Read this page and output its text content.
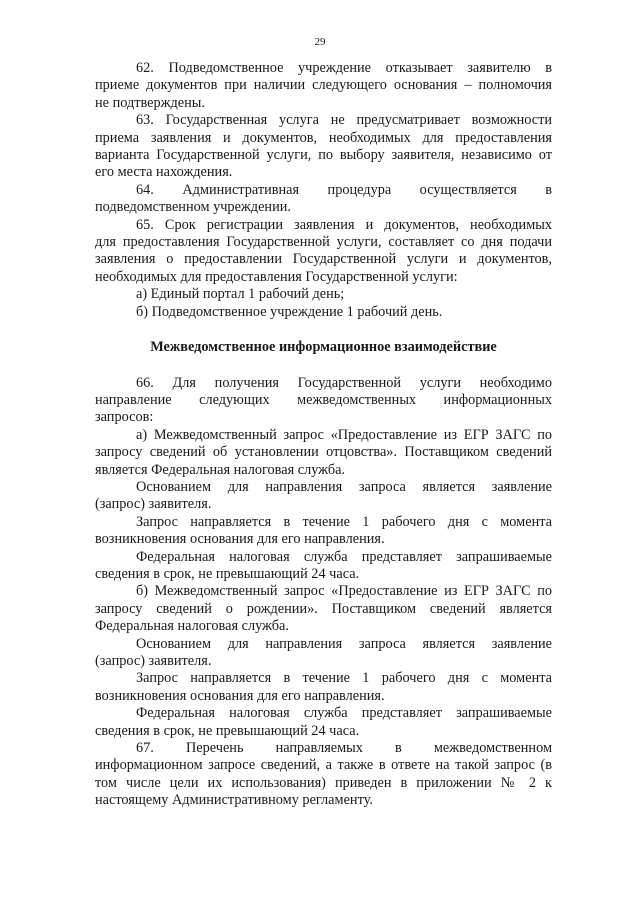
29
62. Подведомственное учреждение отказывает заявителю в
приеме документов при наличии следующего основания – полномочия
не подтверждены.
63. Государственная услуга не предусматривает возможности
приема заявления и документов, необходимых для предоставления
варианта Государственной услуги, по выбору заявителя, независимо от
его места нахождения.
64. Административная процедура осуществляется в
подведомственном учреждении.
65. Срок регистрации заявления и документов, необходимых
для предоставления Государственной услуги, составляет со дня подачи
заявления о предоставлении Государственной услуги и документов,
необходимых для предоставления Государственной услуги:
а) Единый портал 1 рабочий день;
б) Подведомственное учреждение 1 рабочий день.
Межведомственное информационное взаимодействие
66. Для получения Государственной услуги необходимо
направление следующих межведомственных информационных
запросов:
а) Межведомственный запрос «Предоставление из ЕГР ЗАГС по
запросу сведений об установлении отцовства». Поставщиком сведений
является Федеральная налоговая служба.
Основанием для направления запроса является заявление
(запрос) заявителя.
Запрос направляется в течение 1 рабочего дня с момента
возникновения основания для его направления.
Федеральная налоговая служба представляет запрашиваемые
сведения в срок, не превышающий 24 часа.
б) Межведомственный запрос «Предоставление из ЕГР ЗАГС по
запросу сведений о рождении». Поставщиком сведений является
Федеральная налоговая служба.
Основанием для направления запроса является заявление
(запрос) заявителя.
Запрос направляется в течение 1 рабочего дня с момента
возникновения основания для его направления.
Федеральная налоговая служба представляет запрашиваемые
сведения в срок, не превышающий 24 часа.
67. Перечень направляемых в межведомственном
информационном запросе сведений, а также в ответе на такой запрос (в
том числе цели их использования) приведен в приложении № 2 к
настоящему Административному регламенту.
